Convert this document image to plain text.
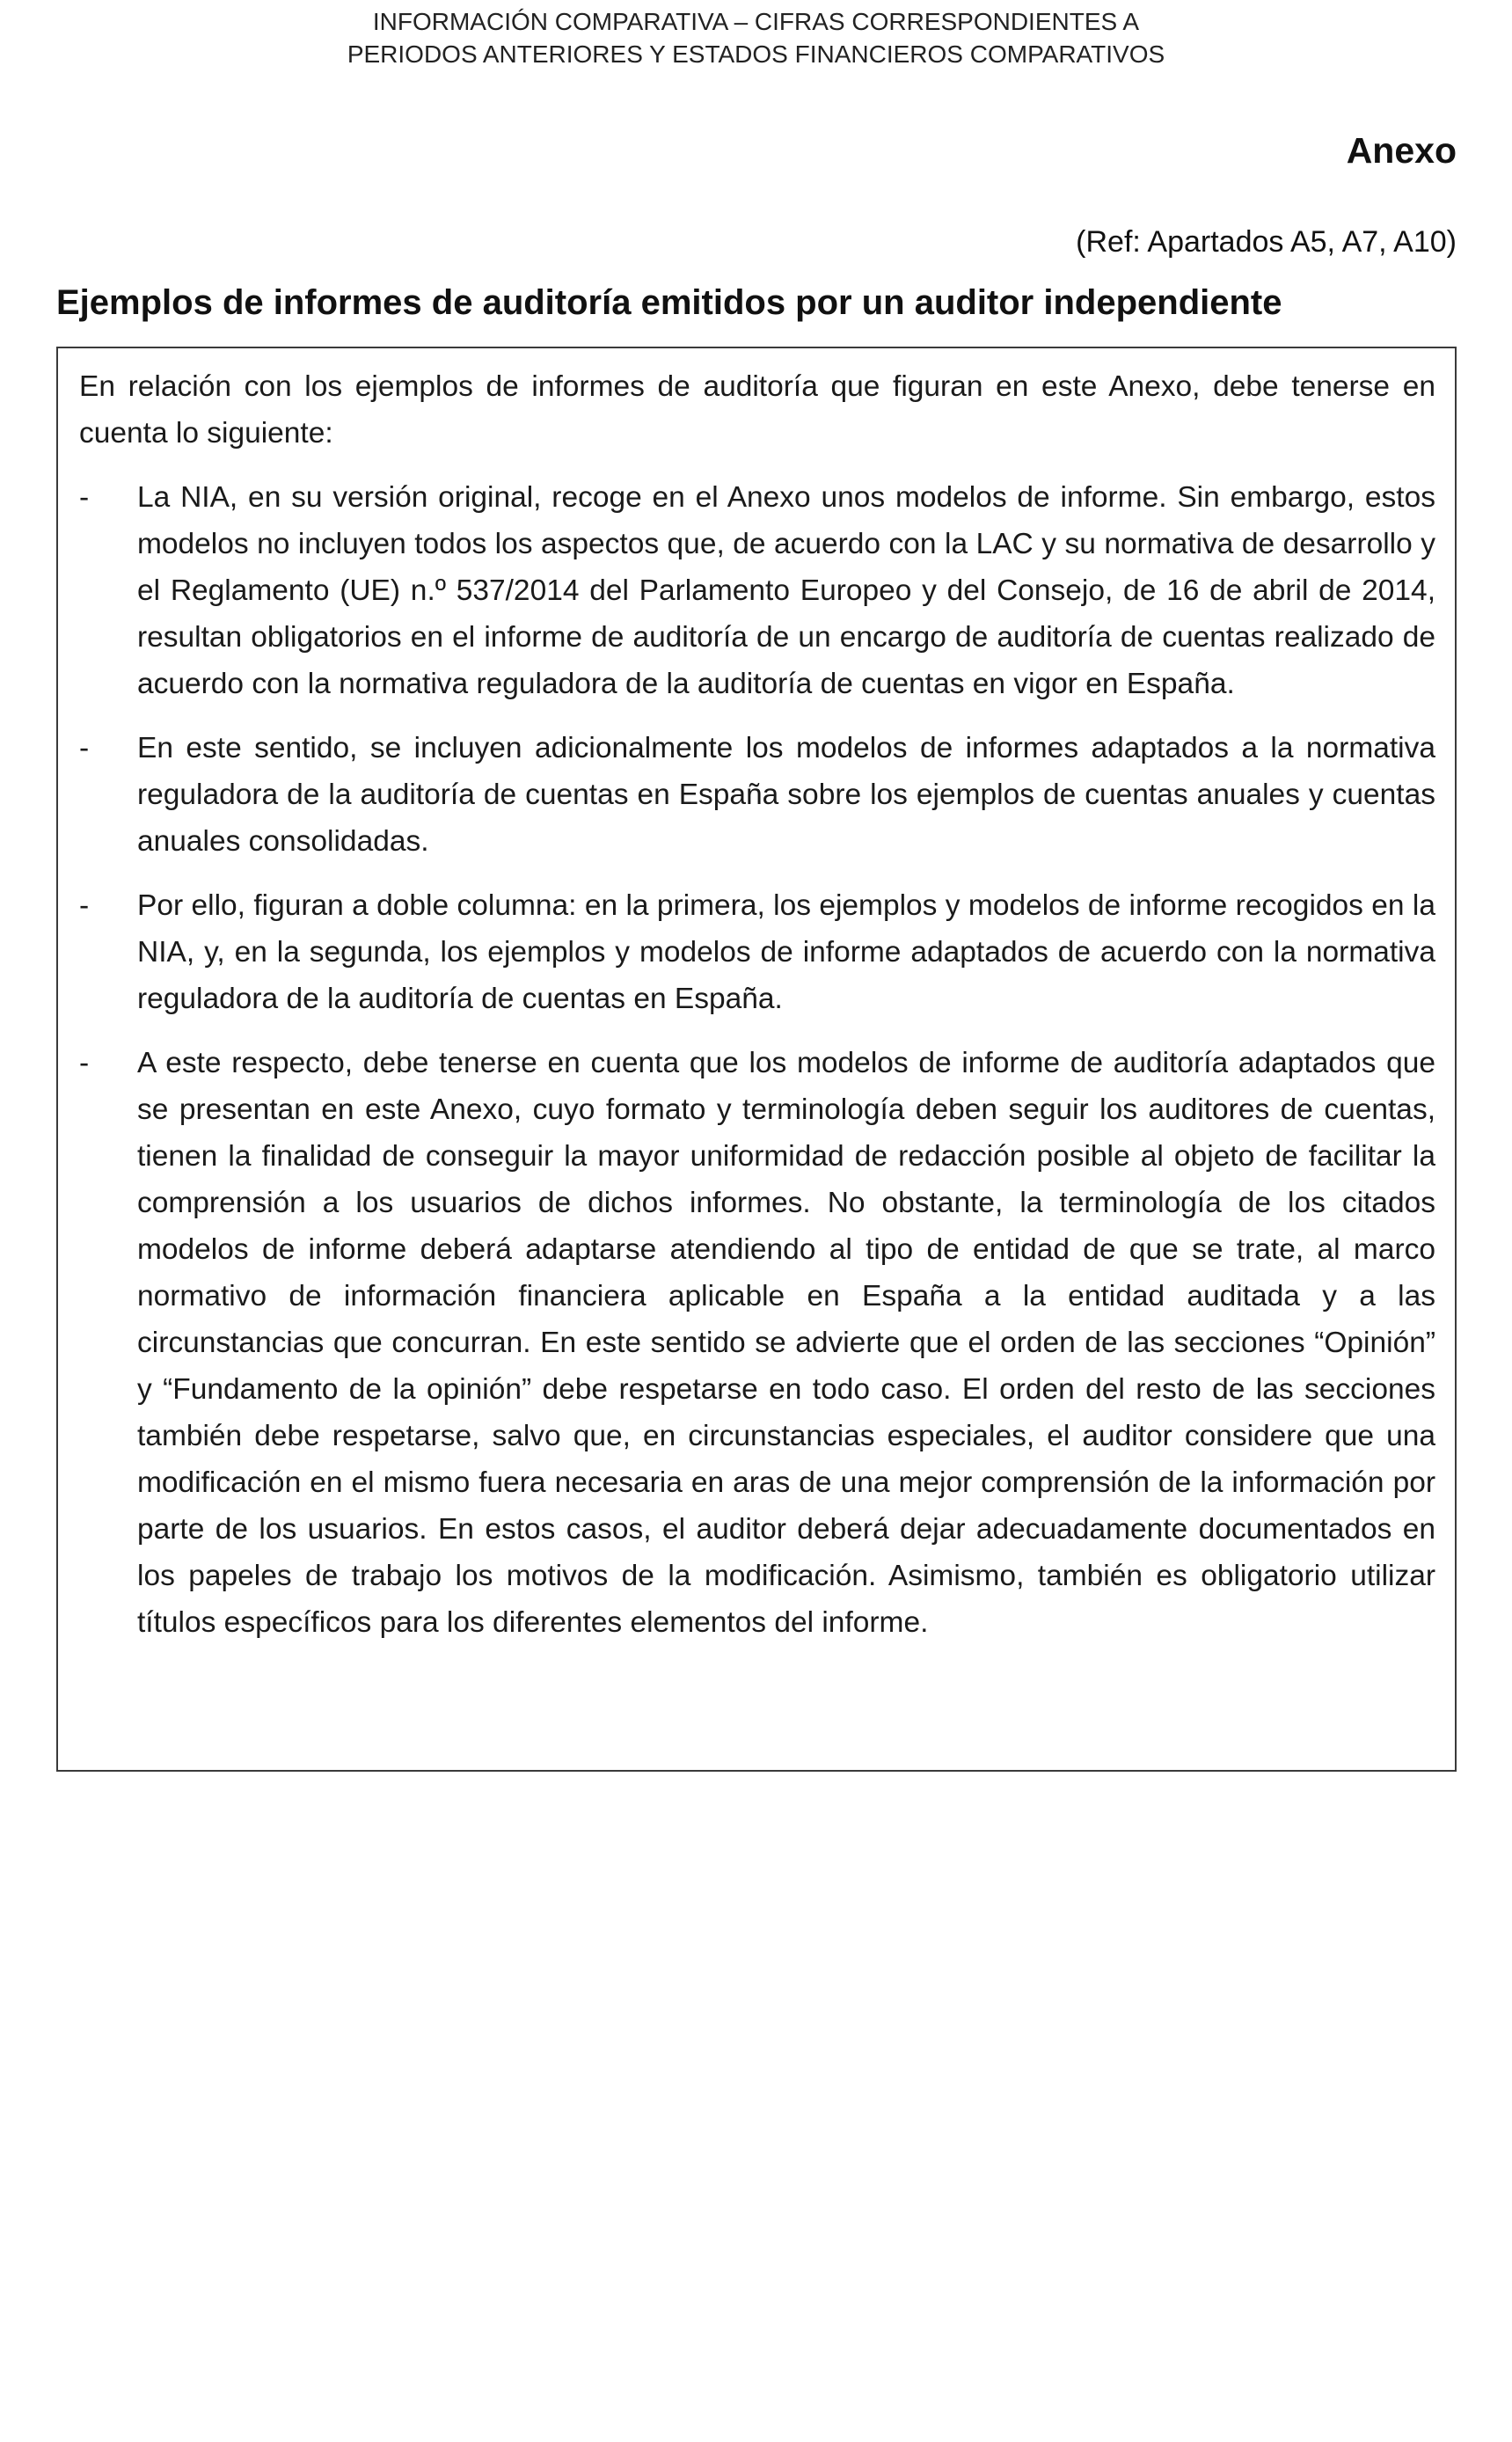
INFORMACIÓN COMPARATIVA – CIFRAS CORRESPONDIENTES A
PERIODOS ANTERIORES Y ESTADOS FINANCIEROS COMPARATIVOS
Anexo
(Ref: Apartados A5, A7, A10)
Ejemplos de informes de auditoría emitidos por un auditor independiente

En relación con los ejemplos de informes de auditoría que figuran en este Anexo, debe tenerse en cuenta lo siguiente:

- La NIA, en su versión original, recoge en el Anexo unos modelos de informe. Sin embargo, estos modelos no incluyen todos los aspectos que, de acuerdo con la LAC y su normativa de desarrollo y el Reglamento (UE) n.º 537/2014 del Parlamento Europeo y del Consejo, de 16 de abril de 2014, resultan obligatorios en el informe de auditoría de un encargo de auditoría de cuentas realizado de acuerdo con la normativa reguladora de la auditoría de cuentas en vigor en España.
- En este sentido, se incluyen adicionalmente los modelos de informes adaptados a la normativa reguladora de la auditoría de cuentas en España sobre los ejemplos de cuentas anuales y cuentas anuales consolidadas.
- Por ello, figuran a doble columna: en la primera, los ejemplos y modelos de informe recogidos en la NIA, y, en la segunda, los ejemplos y modelos de informe adaptados de acuerdo con la normativa reguladora de la auditoría de cuentas en España.
- A este respecto, debe tenerse en cuenta que los modelos de informe de auditoría adaptados que se presentan en este Anexo, cuyo formato y terminología deben seguir los auditores de cuentas, tienen la finalidad de conseguir la mayor uniformidad de redacción posible al objeto de facilitar la comprensión a los usuarios de dichos informes. No obstante, la terminología de los citados modelos de informe deberá adaptarse atendiendo al tipo de entidad de que se trate, al marco normativo de información financiera aplicable en España a la entidad auditada y a las circunstancias que concurran. En este sentido se advierte que el orden de las secciones “Opinión” y “Fundamento de la opinión” debe respetarse en todo caso. El orden del resto de las secciones también debe respetarse, salvo que, en circunstancias especiales, el auditor considere que una modificación en el mismo fuera necesaria en aras de una mejor comprensión de la información por parte de los usuarios. En estos casos, el auditor deberá dejar adecuadamente documentados en los papeles de trabajo los motivos de la modificación. Asimismo, también es obligatorio utilizar títulos específicos para los diferentes elementos del informe.
